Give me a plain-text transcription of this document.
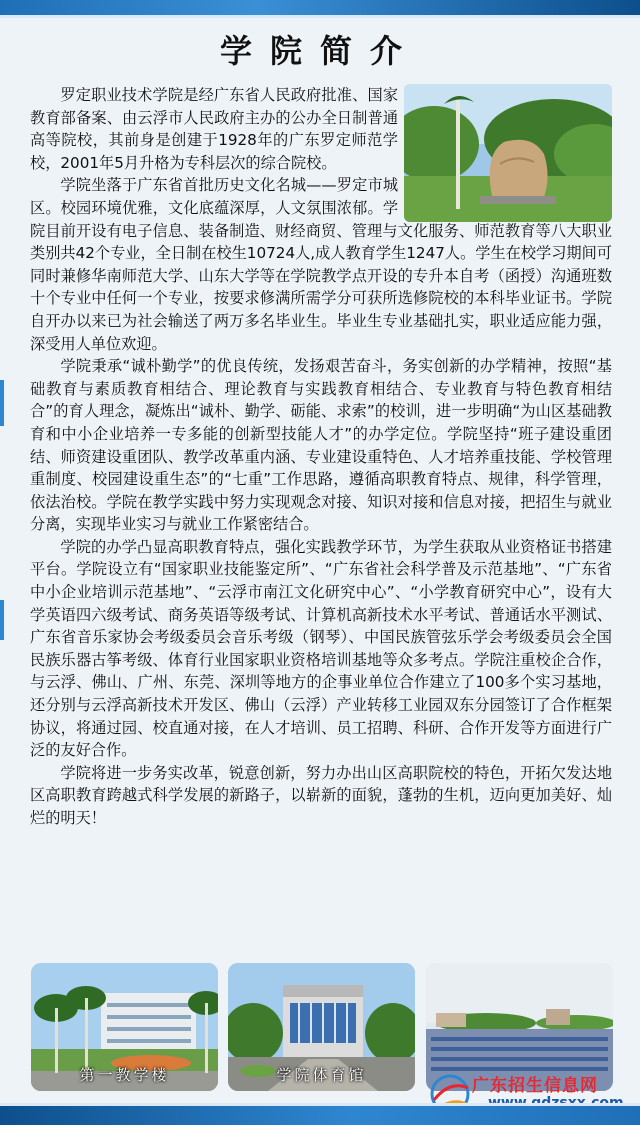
学院简介

罗定职业技术学院是经广东省人民政府批准、国家教育部备案、由云浮市人民政府主办的公办全日制普通高等院校，其前身是创建于1928年的广东罗定师范学校，2001年5月升格为专科层次的综合院校。

学院坐落于广东省首批历史文化名城——罗定市城区。校园环境优雅，文化底蕴深厚，人文氛围浓郁。学院目前开设有电子信息、装备制造、财经商贸、管理与文化服务、师范教育等八大职业类别共42个专业，全日制在校生10724人,成人教育学生1247人。学生在校学习期间可同时兼修华南师范大学、山东大学等在学院教学点开设的专升本自考（函授）沟通班数十个专业中任何一个专业，按要求修满所需学分可获所选修院校的本科毕业证书。学院自开办以来已为社会输送了两万多名毕业生。毕业生专业基础扎实，职业适应能力强，深受用人单位欢迎。

学院秉承“诚朴勤学”的优良传统，发扬艰苦奋斗，务实创新的办学精神，按照“基础教育与素质教育相结合、理论教育与实践教育相结合、专业教育与特色教育相结合”的育人理念，凝炼出“诚朴、勤学、砺能、求索”的校训，进一步明确“为山区基础教育和中小企业培养一专多能的创新型技能人才”的办学定位。学院坚持“班子建设重团结、师资建设重团队、教学改革重内涵、专业建设重特色、人才培养重技能、学校管理重制度、校园建设重生态”的“七重”工作思路，遵循高职教育特点、规律，科学管理，依法治校。学院在教学实践中努力实现观念对接、知识对接和信息对接，把招生与就业分离，实现毕业实习与就业工作紧密结合。

学院的办学凸显高职教育特点，强化实践教学环节，为学生获取从业资格证书搭建平台。学院设立有“国家职业技能鉴定所”、“广东省社会科学普及示范基地”、“广东省中小企业培训示范基地”、“云浮市南江文化研究中心”、“小学教育研究中心”，设有大学英语四六级考试、商务英语等级考试、计算机高新技术水平考试、普通话水平测试、广东省音乐家协会考级委员会音乐考级（钢琴）、中国民族管弦乐学会考级委员会全国民族乐器古筝考级、体育行业国家职业资格培训基地等众多考点。学院注重校企合作，与云浮、佛山、广州、东莞、深圳等地方的企事业单位合作建立了100多个实习基地，还分别与云浮高新技术开发区、佛山（云浮）产业转移工业园双东分园签订了合作框架协议，将通过园、校直通对接，在人才培训、员工招聘、科研、合作开发等方面进行广泛的友好合作。

学院将进一步务实改革，锐意创新，努力办出山区高职院校的特色，开拓欠发达地区高职教育跨越式科学发展的新路子，以崭新的面貌，蓬勃的生机，迈向更加美好、灿烂的明天！

第一教学楼	学院体育馆
广东招生信息网
